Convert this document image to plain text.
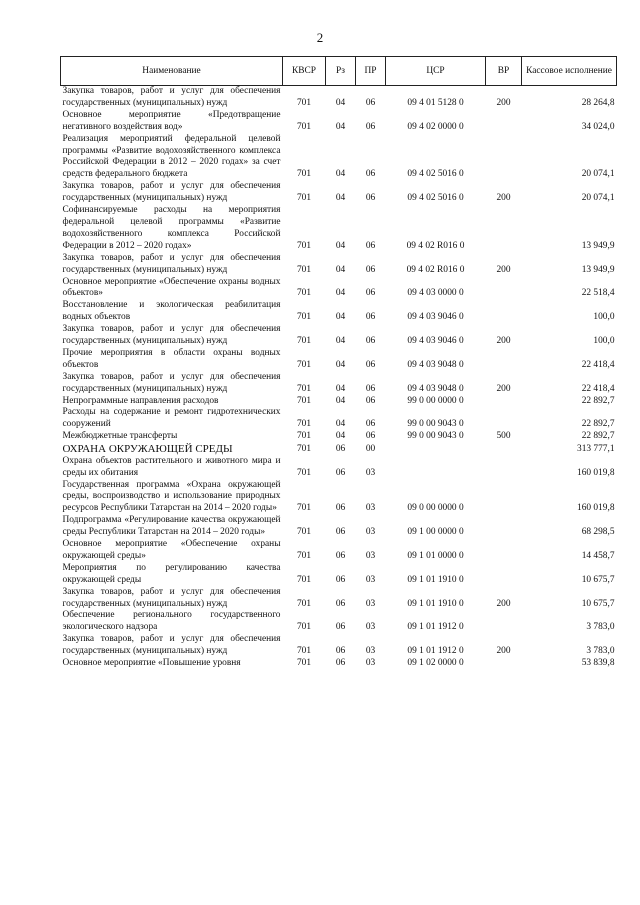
2
Наименование	КВСР	Рз	ПР	ЦСР	ВР	Кассовое исполнение
Закупка товаров, работ и услуг для обеспечения государственных (муниципальных) нужд	701	04	06	09 4 01 5128 0	200	28 264,8
Основное мероприятие «Предотвращение негативного воздействия вод»	701	04	06	09 4 02 0000 0		34 024,0
Реализация мероприятий федеральной целевой программы «Развитие водохозяйственного комплекса Российской Федерации в 2012 – 2020 годах» за счет средств федерального бюджета	701	04	06	09 4 02 5016 0		20 074,1
Закупка товаров, работ и услуг для обеспечения государственных (муниципальных) нужд	701	04	06	09 4 02 5016 0	200	20 074,1
Софинансируемые расходы на мероприятия федеральной целевой программы «Развитие водохозяйственного комплекса Российской Федерации в 2012 – 2020 годах»	701	04	06	09 4 02 R016 0		13 949,9
Закупка товаров, работ и услуг для обеспечения государственных (муниципальных) нужд	701	04	06	09 4 02 R016 0	200	13 949,9
Основное мероприятие «Обеспечение охраны водных объектов»	701	04	06	09 4 03 0000 0		22 518,4
Восстановление и экологическая реабилитация водных объектов	701	04	06	09 4 03 9046 0		100,0
Закупка товаров, работ и услуг для обеспечения государственных (муниципальных) нужд	701	04	06	09 4 03 9046 0	200	100,0
Прочие мероприятия в области охраны водных объектов	701	04	06	09 4 03 9048 0		22 418,4
Закупка товаров, работ и услуг для обеспечения государственных (муниципальных) нужд	701	04	06	09 4 03 9048 0	200	22 418,4
Непрограммные направления расходов	701	04	06	99 0 00 0000 0		22 892,7
Расходы на содержание и ремонт гидротехнических сооружений	701	04	06	99 0 00 9043 0		22 892,7
Межбюджетные трансферты	701	04	06	99 0 00 9043 0	500	22 892,7
ОХРАНА ОКРУЖАЮЩЕЙ СРЕДЫ	701	06	00			313 777,1
Охрана объектов растительного и животного мира и среды их обитания	701	06	03			160 019,8
Государственная программа «Охрана окружающей среды, воспроизводство и использование природных ресурсов Республики Татарстан на 2014 – 2020 годы»	701	06	03	09 0 00 0000 0		160 019,8
Подпрограмма «Регулирование качества окружающей среды Республики Татарстан на 2014 – 2020 годы»	701	06	03	09 1 00 0000 0		68 298,5
Основное мероприятие «Обеспечение охраны окружающей среды»	701	06	03	09 1 01 0000 0		14 458,7
Мероприятия по регулированию качества окружающей среды	701	06	03	09 1 01 1910 0		10 675,7
Закупка товаров, работ и услуг для обеспечения государственных (муниципальных) нужд	701	06	03	09 1 01 1910 0	200	10 675,7
Обеспечение регионального государственного экологического надзора	701	06	03	09 1 01 1912 0		3 783,0
Закупка товаров, работ и услуг для обеспечения государственных (муниципальных) нужд	701	06	03	09 1 01 1912 0	200	3 783,0
Основное мероприятие «Повышение уровня	701	06	03	09 1 02 0000 0		53 839,8
